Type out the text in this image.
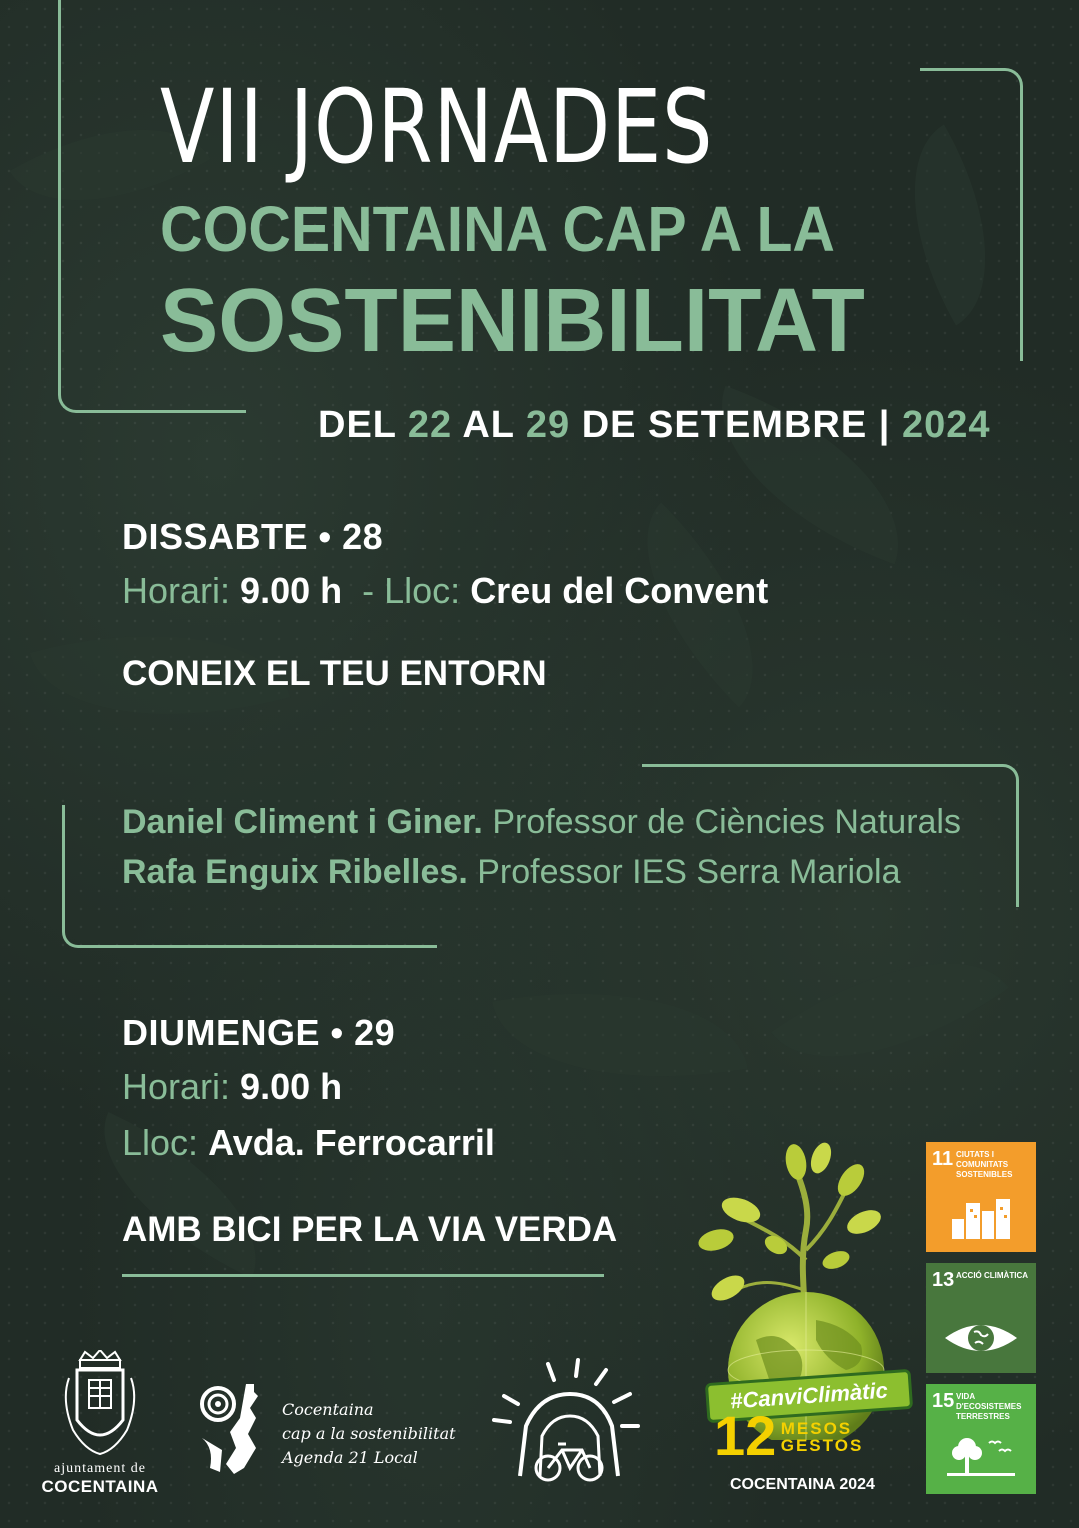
VII JORNADES
COCENTAINA CAP A LA
SOSTENIBILITAT
DEL 22 AL 29 DE SETEMBRE | 2024
DISSABTE • 28
Horari: 9.00 h - Lloc: Creu del Convent
CONEIX EL TEU ENTORN
Daniel Climent i Giner. Professor de Ciències Naturals
Rafa Enguix Ribelles. Professor IES Serra Mariola
DIUMENGE • 29
Horari: 9.00 h
Lloc: Avda. Ferrocarril
AMB BICI PER LA VIA VERDA
11 CIUTATS I COMUNITATS SOSTENIBLES
13 ACCIÓ CLIMÀTICA
15 VIDA D'ECOSISTEMES TERRESTRES
#CanviClimàtic
12 MESOS
GESTOS
COCENTAINA 2024
ajuntament de
COCENTAINA
Cocentaina
cap a la sostenibilitat
Agenda 21 Local
